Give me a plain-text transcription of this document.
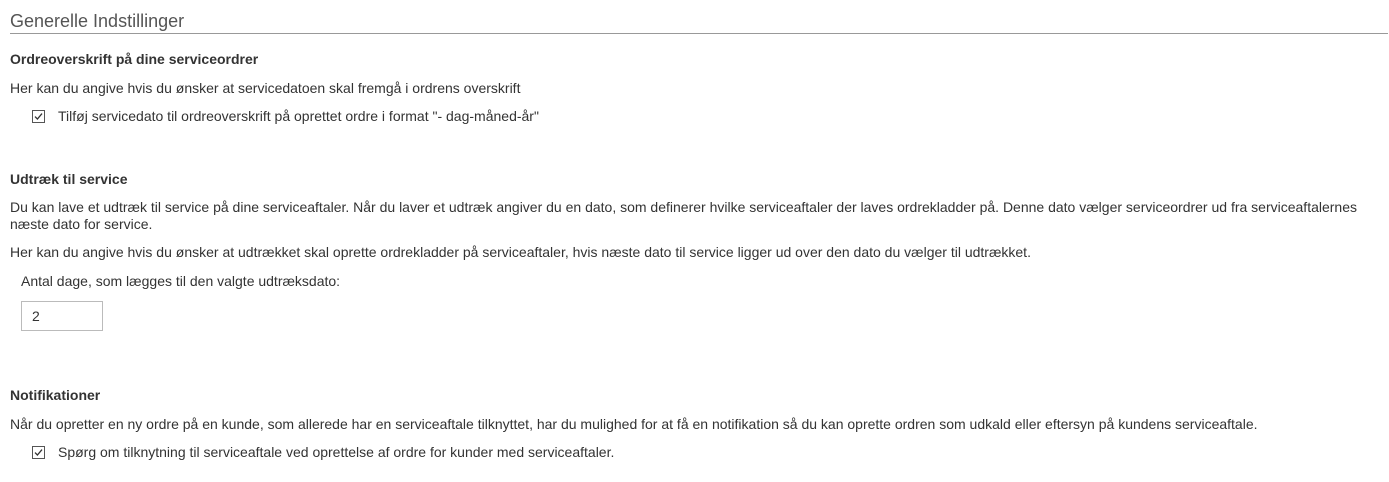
Generelle Indstillinger
Ordreoverskrift på dine serviceordrer
Her kan du angive hvis du ønsker at servicedatoen skal fremgå i ordrens overskrift
Tilføj servicedato til ordreoverskrift på oprettet ordre i format "- dag-måned-år"
Udtræk til service
Du kan lave et udtræk til service på dine serviceaftaler. Når du laver et udtræk angiver du en dato, som definerer hvilke serviceaftaler der laves ordrekladder på. Denne dato vælger serviceordrer ud fra serviceaftalernes næste dato for service.
Her kan du angive hvis du ønsker at udtrækket skal oprette ordrekladder på serviceaftaler, hvis næste dato til service ligger ud over den dato du vælger til udtrækket.
Antal dage, som lægges til den valgte udtræksdato:
2
Notifikationer
Når du opretter en ny ordre på en kunde, som allerede har en serviceaftale tilknyttet, har du mulighed for at få en notifikation så du kan oprette ordren som udkald eller eftersyn på kundens serviceaftale.
Spørg om tilknytning til serviceaftale ved oprettelse af ordre for kunder med serviceaftaler.
